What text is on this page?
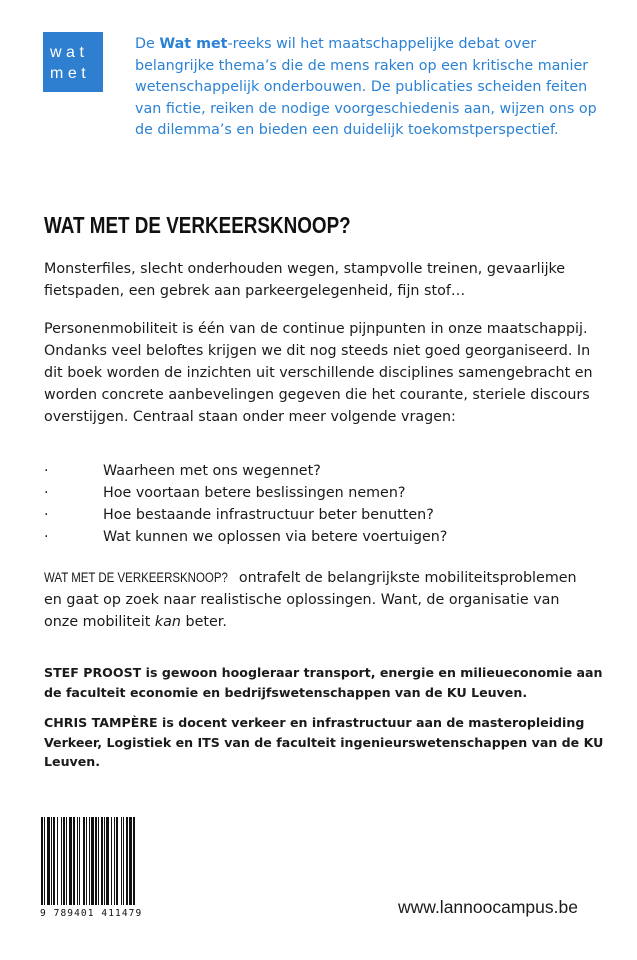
wat
met
De Wat met-reeks wil het maatschappelijke debat over belangrijke thema’s die de mens raken op een kritische manier wetenschappelijk onderbouwen. De publicaties scheiden feiten van fictie, reiken de nodige voorgeschiedenis aan, wijzen ons op de dilemma’s en bieden een duidelijk toekomstperspectief.
WAT MET DE VERKEERSKNOOP?
Monsterfiles, slecht onderhouden wegen, stampvolle treinen, gevaarlijke fietspaden, een gebrek aan parkeergelegenheid, fijn stof…
Personenmobiliteit is één van de continue pijnpunten in onze maatschappij. Ondanks veel beloftes krijgen we dit nog steeds niet goed georganiseerd. In dit boek worden de inzichten uit verschillende disciplines samengebracht en worden concrete aanbevelingen gegeven die het courante, steriele discours overstijgen. Centraal staan onder meer volgende vragen:
·	Waarheen met ons wegennet?
·	Hoe voortaan betere beslissingen nemen?
·	Hoe bestaande infrastructuur beter benutten?
·	Wat kunnen we oplossen via betere voertuigen?
WAT MET DE VERKEERSKNOOP? ontrafelt de belangrijkste mobiliteitsproblemen en gaat op zoek naar realistische oplossingen. Want, de organisatie van onze mobiliteit kan beter.
STEF PROOST is gewoon hoogleraar transport, energie en milieueconomie aan de faculteit economie en bedrijfswetenschappen van de KU Leuven.
CHRIS TAMPÈRE is docent verkeer en infrastructuur aan de masteropleiding Verkeer, Logistiek en ITS van de faculteit ingenieurswetenschappen van de KU Leuven.
9 789401 411479	www.lannoocampus.be
